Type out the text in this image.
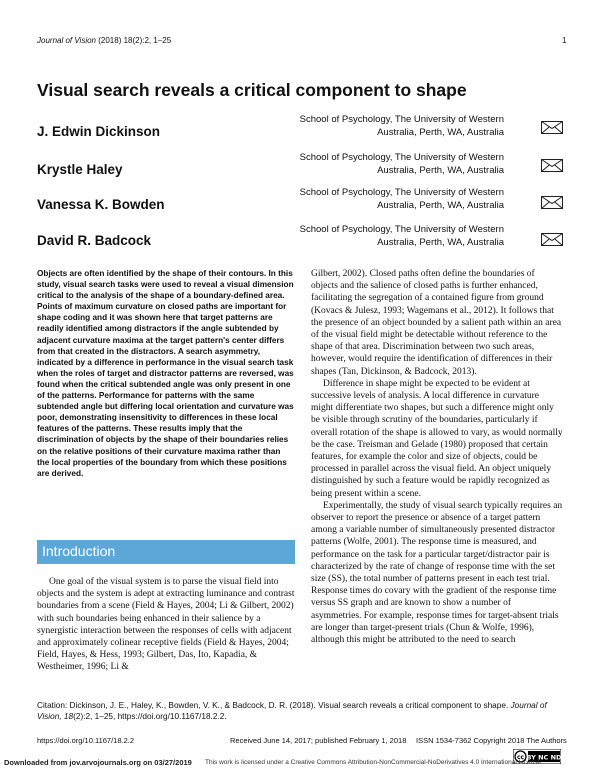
Journal of Vision (2018) 18(2):2, 1–25	1
Visual search reveals a critical component to shape
J. Edwin Dickinson
School of Psychology, The University of Western
Australia, Perth, WA, Australia
Krystle Haley
School of Psychology, The University of Western
Australia, Perth, WA, Australia
Vanessa K. Bowden
School of Psychology, The University of Western
Australia, Perth, WA, Australia
David R. Badcock
School of Psychology, The University of Western
Australia, Perth, WA, Australia
Objects are often identified by the shape of their contours. In this study, visual search tasks were used to reveal a visual dimension critical to the analysis of the shape of a boundary-defined area. Points of maximum curvature on closed paths are important for shape coding and it was shown here that target patterns are readily identified among distractors if the angle subtended by adjacent curvature maxima at the target pattern's center differs from that created in the distractors. A search asymmetry, indicated by a difference in performance in the visual search task when the roles of target and distractor patterns are reversed, was found when the critical subtended angle was only present in one of the patterns. Performance for patterns with the same subtended angle but differing local orientation and curvature was poor, demonstrating insensitivity to differences in these local features of the patterns. These results imply that the discrimination of objects by the shape of their boundaries relies on the relative positions of their curvature maxima rather than the local properties of the boundary from which these positions are derived.
Introduction
One goal of the visual system is to parse the visual field into objects and the system is adept at extracting luminance and contrast boundaries from a scene (Field & Hayes, 2004; Li & Gilbert, 2002) with such boundaries being enhanced in their salience by a synergistic interaction between the responses of cells with adjacent and approximately colinear receptive fields (Field & Hayes, 2004; Field, Hayes, & Hess, 1993; Gilbert, Das, Ito, Kapadia, & Westheimer, 1996; Li &

Gilbert, 2002). Closed paths often define the boundaries of objects and the salience of closed paths is further enhanced, facilitating the segregation of a contained figure from ground (Kovacs & Julesz, 1993; Wagemans et al., 2012). It follows that the presence of an object bounded by a salient path within an area of the visual field might be detectable without reference to the shape of that area. Discrimination between two such areas, however, would require the identification of differences in their shapes (Tan, Dickinson, & Badcock, 2013).

Difference in shape might be expected to be evident at successive levels of analysis. A local difference in curvature might differentiate two shapes, but such a difference might only be visible through scrutiny of the boundaries, particularly if overall rotation of the shape is allowed to vary, as would normally be the case. Treisman and Gelade (1980) proposed that certain features, for example the color and size of objects, could be processed in parallel across the visual field. An object uniquely distinguished by such a feature would be rapidly recognized as being present within a scene.

Experimentally, the study of visual search typically requires an observer to report the presence or absence of a target pattern among a variable number of simultaneously presented distractor patterns (Wolfe, 2001). The response time is measured, and performance on the task for a particular target/distractor pair is characterized by the rate of change of response time with the set size (SS), the total number of patterns present in each test trial. Response times do covary with the gradient of the response time versus SS graph and are known to show a number of asymmetries. For example, response times for target-absent trials are longer than target-present trials (Chun & Wolfe, 1996), although this might be attributed to the need to search

Citation: Dickinson, J. E., Haley, K., Bowden, V. K., & Badcock, D. R. (2018). Visual search reveals a critical component to shape. Journal of Vision, 18(2):2, 1–25, https://doi.org/10.1167/18.2.2.
https://doi.org/10.1167/18.2.2	Received June 14, 2017; published February 1, 2018 ISSN 1534-7362 Copyright 2018 The Authors
cc BY NC ND
This work is licensed under a Creative Commons Attribution-NonCommercial-NoDerivatives 4.0 International License.
Downloaded from jov.arvojournals.org on 03/27/2019
